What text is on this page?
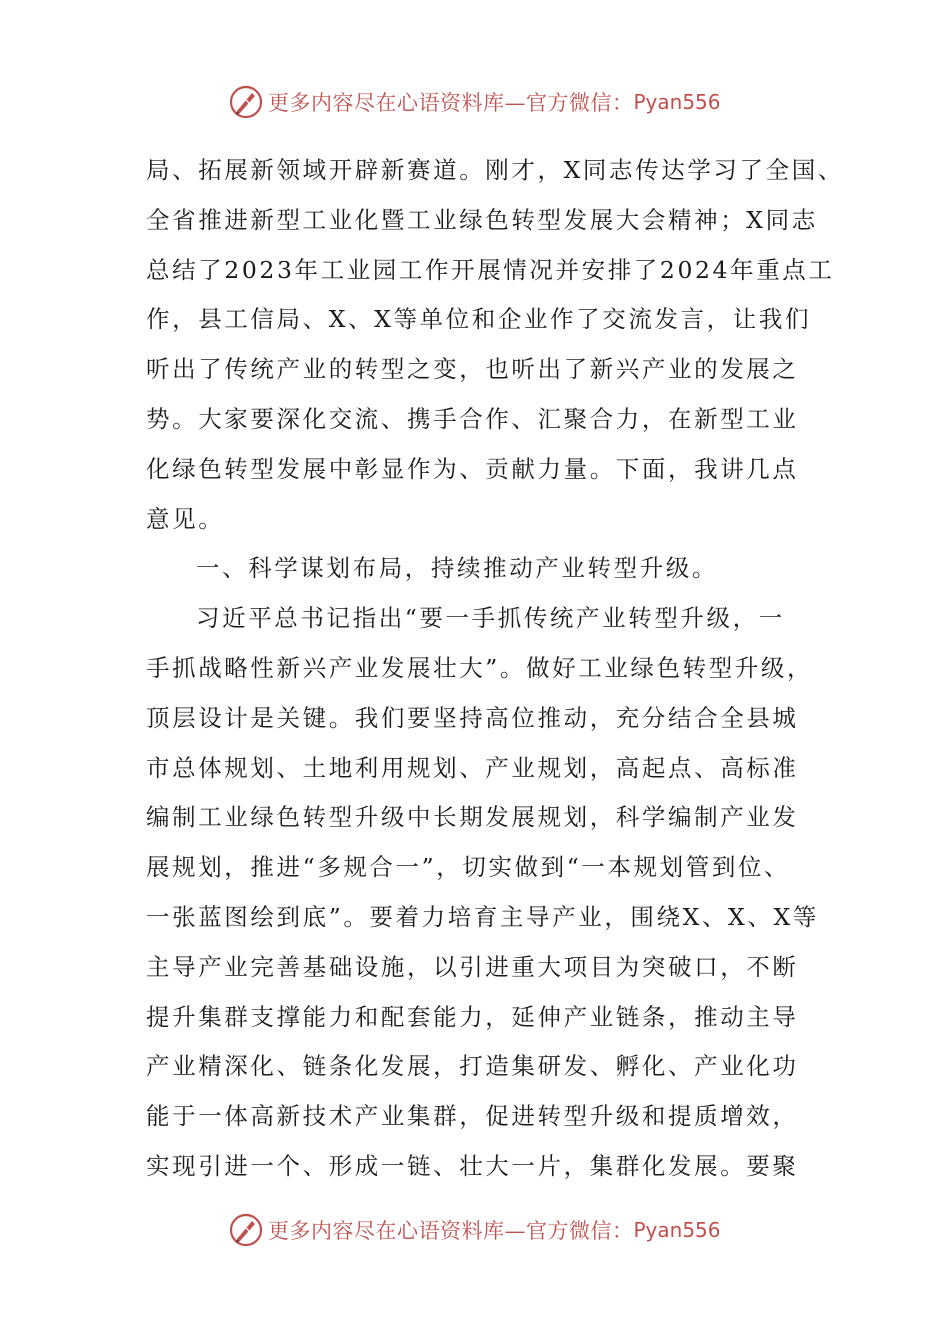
更多内容尽在心语资料库—官方微信： Pyan556
局、拓展新领域开辟新赛道。刚才，X同志传达学习了全国、
全省推进新型工业化暨工业绿色转型发展大会精神；X同志
总结了2023年工业园工作开展情况并安排了2024年重点工
作，县工信局、X、X等单位和企业作了交流发言，让我们
听出了传统产业的转型之变，也听出了新兴产业的发展之
势。大家要深化交流、携手合作、汇聚合力，在新型工业
化绿色转型发展中彰显作为、贡献力量。下面，我讲几点
意见。
一、科学谋划布局，持续推动产业转型升级。
习近平总书记指出“要一手抓传统产业转型升级，一
手抓战略性新兴产业发展壮大”。做好工业绿色转型升级，
顶层设计是关键。我们要坚持高位推动，充分结合全县城
市总体规划、土地利用规划、产业规划，高起点、高标准
编制工业绿色转型升级中长期发展规划，科学编制产业发
展规划，推进“多规合一”，切实做到“一本规划管到位、
一张蓝图绘到底”。要着力培育主导产业，围绕X、X、X等
主导产业完善基础设施，以引进重大项目为突破口，不断
提升集群支撑能力和配套能力，延伸产业链条，推动主导
产业精深化、链条化发展，打造集研发、孵化、产业化功
能于一体高新技术产业集群，促进转型升级和提质增效，
实现引进一个、形成一链、壮大一片，集群化发展。要聚
更多内容尽在心语资料库—官方微信： Pyan556
